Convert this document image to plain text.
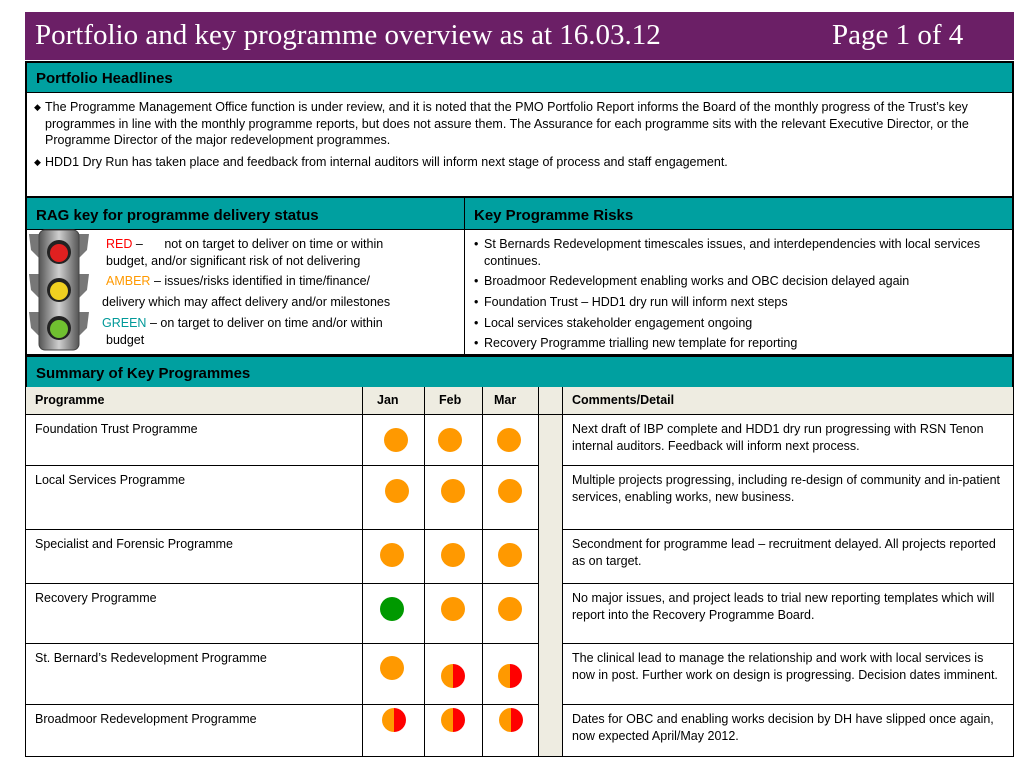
Portfolio and key programme overview as at 16.03.12	Page 1 of 4
Portfolio Headlines
◆ The Programme Management Office function is under review, and it is noted that the PMO Portfolio Report informs the Board of the monthly progress of the Trust’s key programmes in line with the monthly programme reports, but does not assure them. The Assurance for each programme sits with the relevant Executive Director, or the Programme Director of the major redevelopment programmes.
◆ HDD1 Dry Run has taken place and feedback from internal auditors will inform next stage of process and staff engagement.
RAG key for programme delivery status	Key Programme Risks
RED – not on target to deliver on time or within
budget, and/or significant risk of not delivering
AMBER – issues/risks identified in time/finance/
delivery which may affect delivery and/or milestones
GREEN – on target to deliver on time and/or within
budget
• St Bernards Redevelopment timescales issues, and interdependencies with local services continues.
• Broadmoor Redevelopment enabling works and OBC decision delayed again
• Foundation Trust – HDD1 dry run will inform next steps
• Local services stakeholder engagement ongoing
• Recovery Programme trialling new template for reporting
Summary of Key Programmes
Programme	Jan	Feb	Mar	Comments/Detail
Foundation Trust Programme	Next draft of IBP complete and HDD1 dry run progressing with RSN Tenon internal auditors. Feedback will inform next process.
Local Services Programme	Multiple projects progressing, including re-design of community and in-patient services, enabling works, new business.
Specialist and Forensic Programme	Secondment for programme lead – recruitment delayed. All projects reported as on target.
Recovery Programme	No major issues, and project leads to trial new reporting templates which will report into the Recovery Programme Board.
St. Bernard’s Redevelopment Programme	The clinical lead to manage the relationship and work with local services is now in post. Further work on design is progressing. Decision dates imminent.
Broadmoor Redevelopment Programme	Dates for OBC and enabling works decision by DH have slipped once again, now expected April/May 2012.
